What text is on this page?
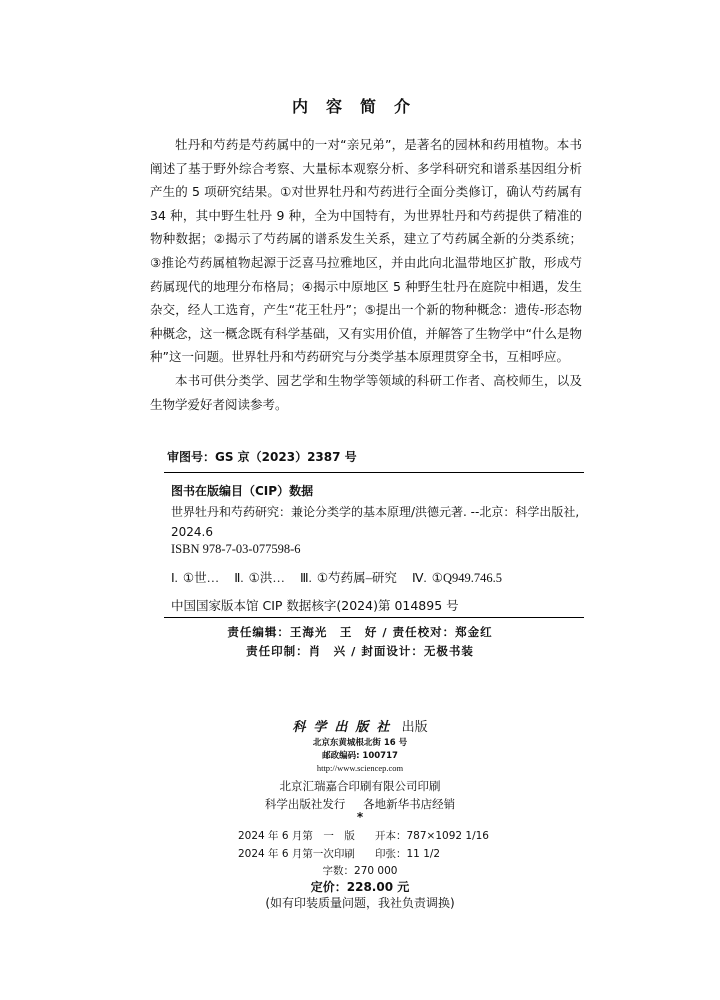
内容简介

牡丹和芍药是芍药属中的一对“亲兄弟”，是著名的园林和药用植物。本书阐述了基于野外综合考察、大量标本观察分析、多学科研究和谱系基因组分析产生的 5 项研究结果。①对世界牡丹和芍药进行全面分类修订，确认芍药属有 34 种，其中野生牡丹 9 种，全为中国特有，为世界牡丹和芍药提供了精准的物种数据；②揭示了芍药属的谱系发生关系，建立了芍药属全新的分类系统；③推论芍药属植物起源于泛喜马拉雅地区，并由此向北温带地区扩散，形成芍药属现代的地理分布格局；④揭示中原地区 5 种野生牡丹在庭院中相遇，发生杂交，经人工选育，产生“花王牡丹”；⑤提出一个新的物种概念：遗传-形态物种概念，这一概念既有科学基础，又有实用价值，并解答了生物学中“什么是物种”这一问题。世界牡丹和芍药研究与分类学基本原理贯穿全书，互相呼应。

本书可供分类学、园艺学和生物学等领域的科研工作者、高校师生，以及生物学爱好者阅读参考。

审图号：GS 京（2023）2387 号
图书在版编目（CIP）数据
世界牡丹和芍药研究：兼论分类学的基本原理/洪德元著. --北京：科学出版社, 2024.6
ISBN 978-7-03-077598-6
Ⅰ. ①世… Ⅱ. ①洪… Ⅲ. ①芍药属–研究 Ⅳ. ①Q949.746.5
中国国家版本馆 CIP 数据核字(2024)第 014895 号
责任编辑：王海光　王　好 / 责任校对：郑金红
责任印制：肖　兴 / 封面设计：无极书装
科学出版社 出版
北京东黄城根北街 16 号
邮政编码: 100717
http://www.sciencep.com
北京汇瑞嘉合印刷有限公司印刷
科学出版社发行 各地新华书店经销
*
2024 年 6 月第　一　版 开本：787×1092 1/16
2024 年 6 月第一次印刷 印张：11 1/2
字数：270 000
定价：228.00 元
(如有印装质量问题，我社负责调换)
